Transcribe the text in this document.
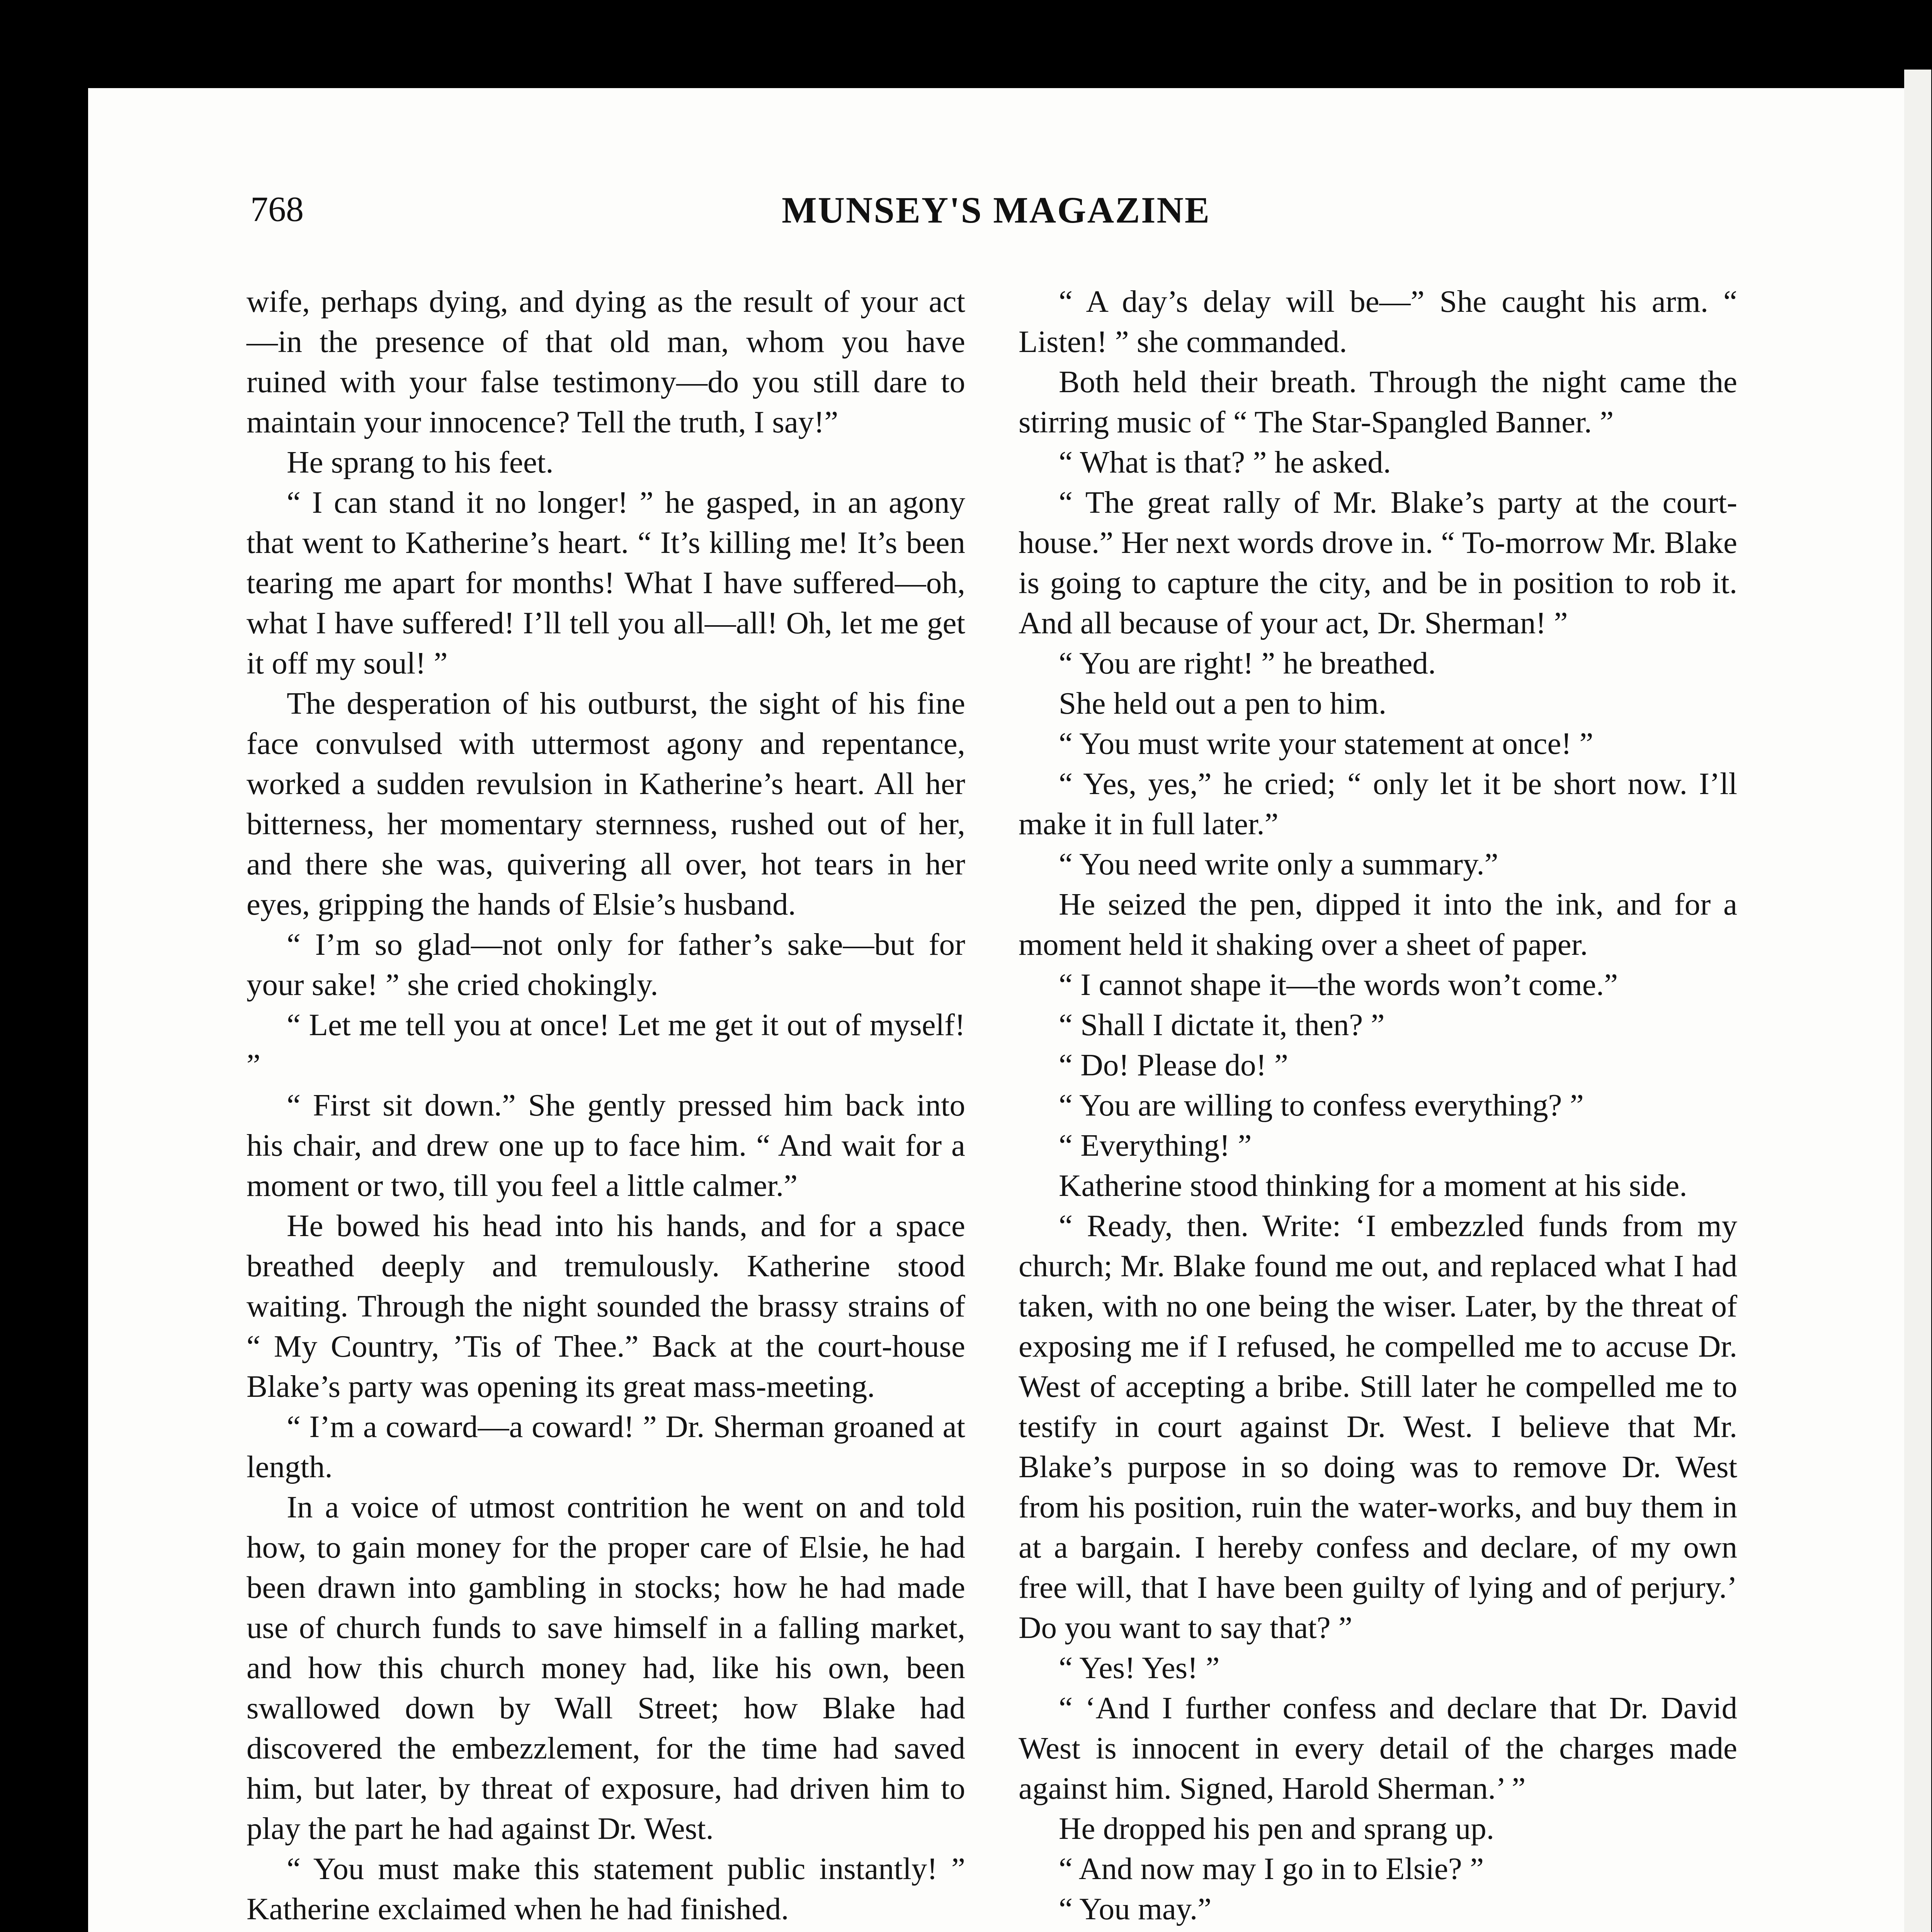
768	MUNSEY'S MAGAZINE

wife, perhaps dying, and dying as the result of your act—in the presence of that old man, whom you have ruined with your false testimony—do you still dare to maintain your innocence? Tell the truth, I say!”

He sprang to his feet.

“ I can stand it no longer! ” he gasped, in an agony that went to Katherine’s heart. “ It’s killing me! It’s been tearing me apart for months! What I have suffered—oh, what I have suffered! I’ll tell you all—all! Oh, let me get it off my soul! ”

The desperation of his outburst, the sight of his fine face convulsed with uttermost agony and repentance, worked a sudden revulsion in Katherine’s heart. All her bitterness, her momentary sternness, rushed out of her, and there she was, quivering all over, hot tears in her eyes, gripping the hands of Elsie’s husband.

“ I’m so glad—not only for father’s sake—but for your sake! ” she cried chokingly.

“ Let me tell you at once! Let me get it out of myself! ”

“ First sit down.” She gently pressed him back into his chair, and drew one up to face him. “ And wait for a moment or two, till you feel a little calmer.”

He bowed his head into his hands, and for a space breathed deeply and tremulously. Katherine stood waiting. Through the night sounded the brassy strains of “ My Country, ’Tis of Thee.” Back at the court-house Blake’s party was opening its great mass-meeting.

“ I’m a coward—a coward! ” Dr. Sherman groaned at length.

In a voice of utmost contrition he went on and told how, to gain money for the proper care of Elsie, he had been drawn into gambling in stocks; how he had made use of church funds to save himself in a falling market, and how this church money had, like his own, been swallowed down by Wall Street; how Blake had discovered the embezzlement, for the time had saved him, but later, by threat of exposure, had driven him to play the part he had against Dr. West.

“ You must make this statement public instantly! ” Katherine exclaimed when he had finished.

“ A day’s delay will be—” She caught his arm. “ Listen! ” she commanded.

Both held their breath. Through the night came the stirring music of “ The Star-Spangled Banner. ”

“ What is that? ” he asked.

“ The great rally of Mr. Blake’s party at the court-house.” Her next words drove in. “ To-morrow Mr. Blake is going to capture the city, and be in position to rob it. And all because of your act, Dr. Sherman! ”

“ You are right! ” he breathed.

She held out a pen to him.

“ You must write your statement at once! ”

“ Yes, yes,” he cried; “ only let it be short now. I’ll make it in full later.”

“ You need write only a summary.”

He seized the pen, dipped it into the ink, and for a moment held it shaking over a sheet of paper.

“ I cannot shape it—the words won’t come.”

“ Shall I dictate it, then? ”

“ Do! Please do! ”

“ You are willing to confess everything? ”

“ Everything! ”

Katherine stood thinking for a moment at his side.

“ Ready, then. Write: ‘I embezzled funds from my church; Mr. Blake found me out, and replaced what I had taken, with no one being the wiser. Later, by the threat of exposing me if I refused, he compelled me to accuse Dr. West of accepting a bribe. Still later he compelled me to testify in court against Dr. West. I believe that Mr. Blake’s purpose in so doing was to remove Dr. West from his position, ruin the water-works, and buy them in at a bargain. I hereby confess and declare, of my own free will, that I have been guilty of lying and of perjury.’ Do you want to say that? ”

“ Yes! Yes! ”

“ ‘And I further confess and declare that Dr. David West is innocent in every detail of the charges made against him. Signed, Harold Sherman.’ ”

He dropped his pen and sprang up.

“ And now may I go in to Elsie? ”

“ You may.”
